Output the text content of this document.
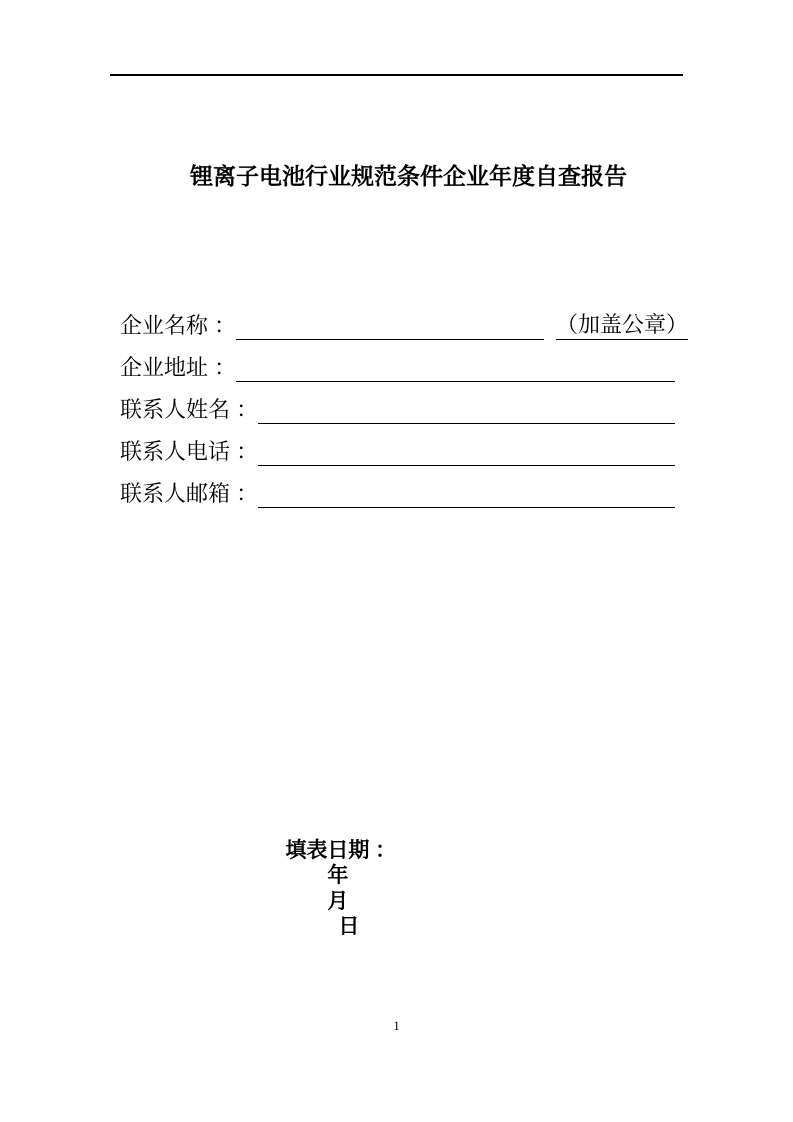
锂离子电池行业规范条件企业年度自查报告
企业名称 ：	（加盖公章）
企业地址 ：
联系人姓名 ：
联系人电话 ：
联系人邮箱 ：

填表日期 ：
年
月
日

1
